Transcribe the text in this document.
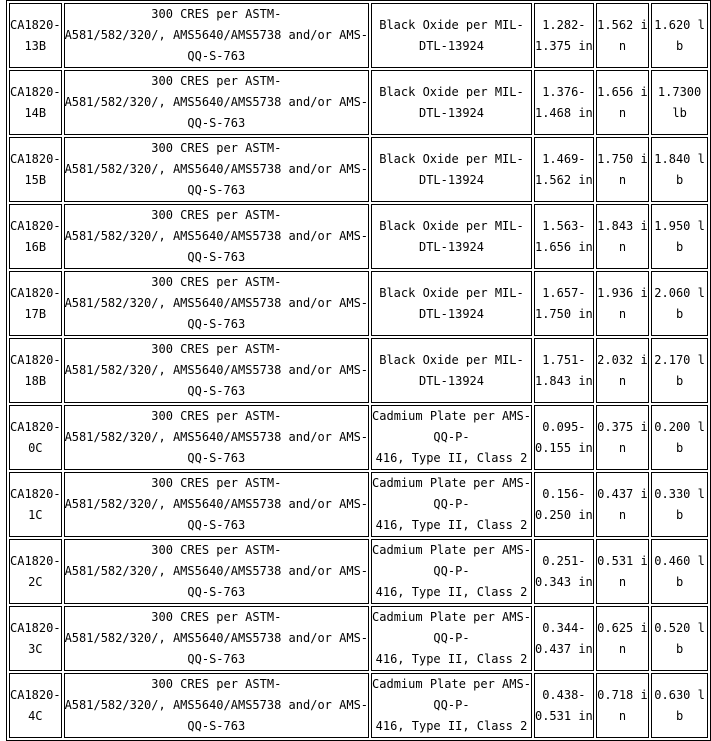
CA1820-
13B	300 CRES per ASTM-
A581/582/320/, AMS5640/AMS5738 and/or AMS-
QQ-S-763	Black Oxide per MIL-
DTL-13924	1.282-
1.375 in	1.562 in	1.620 lb

CA1820-
14B	300 CRES per ASTM-
A581/582/320/, AMS5640/AMS5738 and/or AMS-
QQ-S-763	Black Oxide per MIL-
DTL-13924	1.376-
1.468 in	1.656 in	1.7300 lb

CA1820-
15B	300 CRES per ASTM-
A581/582/320/, AMS5640/AMS5738 and/or AMS-
QQ-S-763	Black Oxide per MIL-
DTL-13924	1.469-
1.562 in	1.750 in	1.840 lb

CA1820-
16B	300 CRES per ASTM-
A581/582/320/, AMS5640/AMS5738 and/or AMS-
QQ-S-763	Black Oxide per MIL-
DTL-13924	1.563-
1.656 in	1.843 in	1.950 lb

CA1820-
17B	300 CRES per ASTM-
A581/582/320/, AMS5640/AMS5738 and/or AMS-
QQ-S-763	Black Oxide per MIL-
DTL-13924	1.657-
1.750 in	1.936 in	2.060 lb

CA1820-
18B	300 CRES per ASTM-
A581/582/320/, AMS5640/AMS5738 and/or AMS-
QQ-S-763	Black Oxide per MIL-
DTL-13924	1.751-
1.843 in	2.032 in	2.170 lb

CA1820-
0C	300 CRES per ASTM-
A581/582/320/, AMS5640/AMS5738 and/or AMS-
QQ-S-763	Cadmium Plate per AMS-
QQ-P-
416, Type II, Class 2	0.095-
0.155 in	0.375 in	0.200 lb

CA1820-
1C	300 CRES per ASTM-
A581/582/320/, AMS5640/AMS5738 and/or AMS-
QQ-S-763	Cadmium Plate per AMS-
QQ-P-
416, Type II, Class 2	0.156-
0.250 in	0.437 in	0.330 lb

CA1820-
2C	300 CRES per ASTM-
A581/582/320/, AMS5640/AMS5738 and/or AMS-
QQ-S-763	Cadmium Plate per AMS-
QQ-P-
416, Type II, Class 2	0.251-
0.343 in	0.531 in	0.460 lb

CA1820-
3C	300 CRES per ASTM-
A581/582/320/, AMS5640/AMS5738 and/or AMS-
QQ-S-763	Cadmium Plate per AMS-
QQ-P-
416, Type II, Class 2	0.344-
0.437 in	0.625 in	0.520 lb

CA1820-
4C	300 CRES per ASTM-
A581/582/320/, AMS5640/AMS5738 and/or AMS-
QQ-S-763	Cadmium Plate per AMS-
QQ-P-
416, Type II, Class 2	0.438-
0.531 in	0.718 in	0.630 lb
